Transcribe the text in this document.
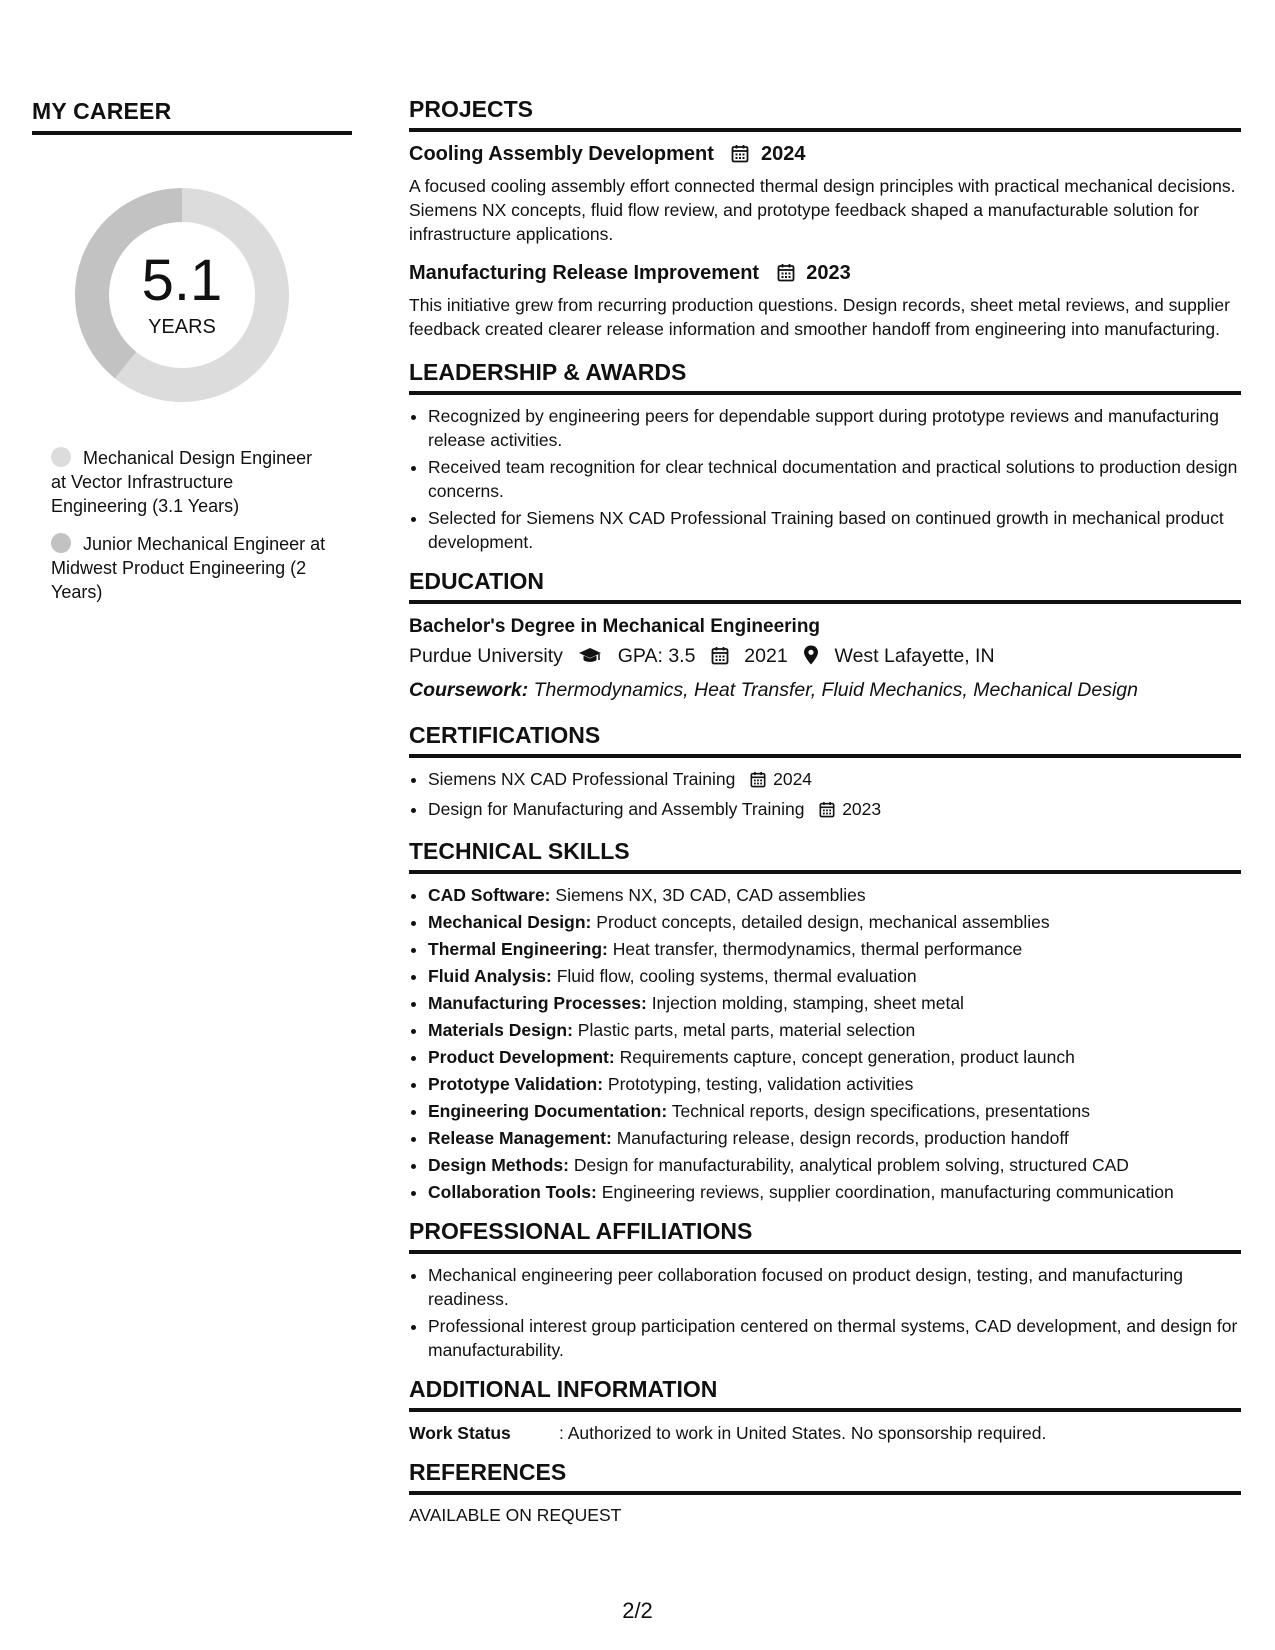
MY CAREER
5.1
YEARS
Mechanical Design Engineer at Vector Infrastructure Engineering (3.1 Years)
Junior Mechanical Engineer at Midwest Product Engineering (2 Years)
PROJECTS
Cooling Assembly Development 2024
A focused cooling assembly effort connected thermal design principles with practical mechanical decisions. Siemens NX concepts, fluid flow review, and prototype feedback shaped a manufacturable solution for infrastructure applications.
Manufacturing Release Improvement 2023
This initiative grew from recurring production questions. Design records, sheet metal reviews, and supplier feedback created clearer release information and smoother handoff from engineering into manufacturing.
LEADERSHIP & AWARDS
• Recognized by engineering peers for dependable support during prototype reviews and manufacturing release activities.
• Received team recognition for clear technical documentation and practical solutions to production design concerns.
• Selected for Siemens NX CAD Professional Training based on continued growth in mechanical product development.
EDUCATION
Bachelor's Degree in Mechanical Engineering
Purdue University	GPA: 3.5	2021 West Lafayette, IN
Coursework: Thermodynamics, Heat Transfer, Fluid Mechanics, Mechanical Design
CERTIFICATIONS
• Siemens NX CAD Professional Training 2024
• Design for Manufacturing and Assembly Training 2023
TECHNICAL SKILLS
• CAD Software: Siemens NX, 3D CAD, CAD assemblies
• Mechanical Design: Product concepts, detailed design, mechanical assemblies
• Thermal Engineering: Heat transfer, thermodynamics, thermal performance
• Fluid Analysis: Fluid flow, cooling systems, thermal evaluation
• Manufacturing Processes: Injection molding, stamping, sheet metal
• Materials Design: Plastic parts, metal parts, material selection
• Product Development: Requirements capture, concept generation, product launch
• Prototype Validation: Prototyping, testing, validation activities
• Engineering Documentation: Technical reports, design specifications, presentations
• Release Management: Manufacturing release, design records, production handoff
• Design Methods: Design for manufacturability, analytical problem solving, structured CAD
• Collaboration Tools: Engineering reviews, supplier coordination, manufacturing communication
PROFESSIONAL AFFILIATIONS
• Mechanical engineering peer collaboration focused on product design, testing, and manufacturing readiness.
• Professional interest group participation centered on thermal systems, CAD development, and design for manufacturability.
ADDITIONAL INFORMATION
Work Status	: Authorized to work in United States. No sponsorship required.
REFERENCES
AVAILABLE ON REQUEST
2/2
